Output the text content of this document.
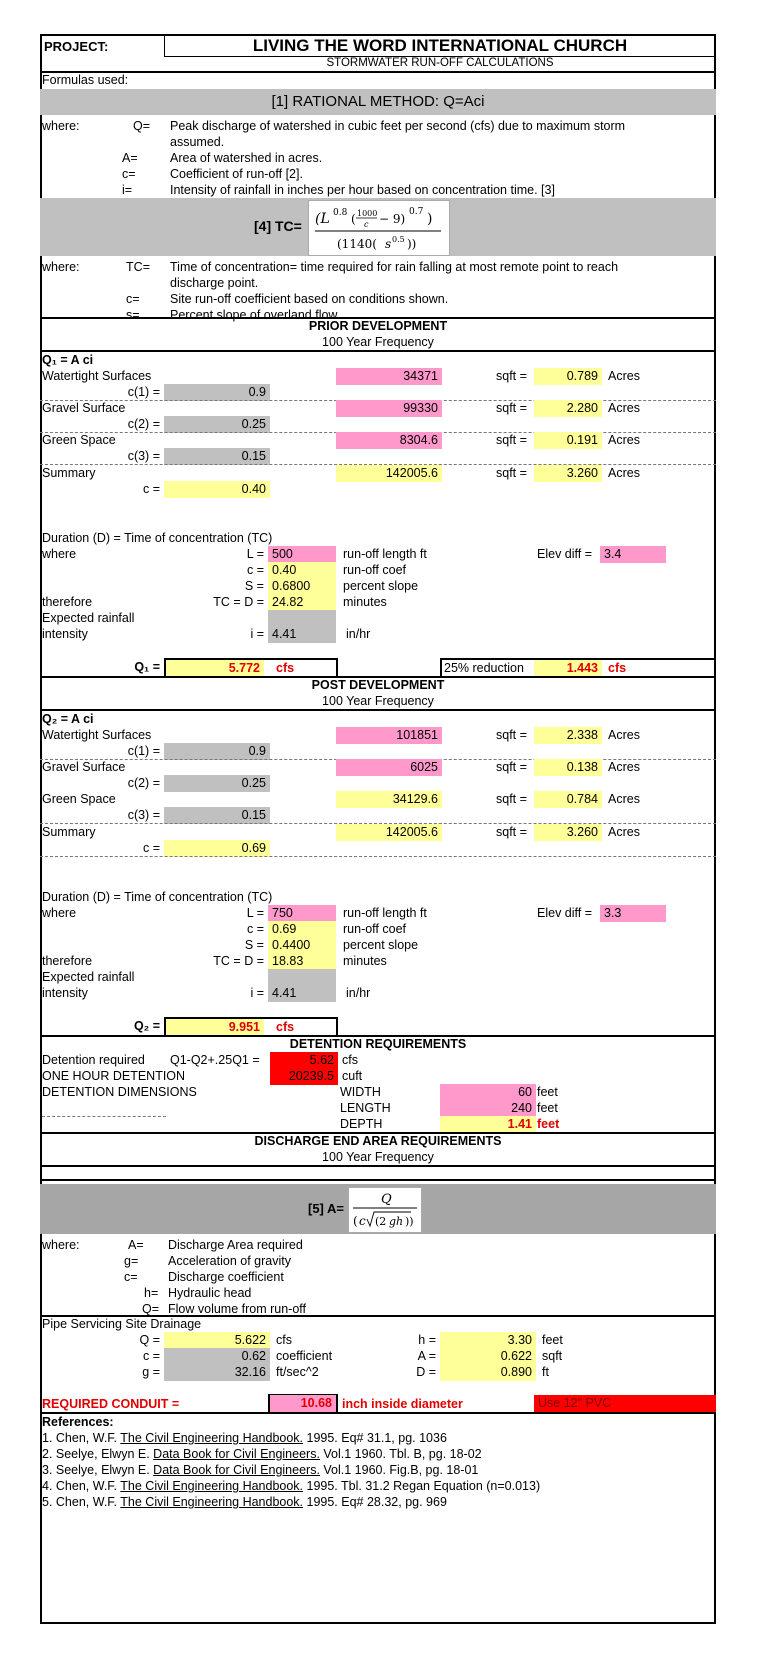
PROJECT:	LIVING THE WORD INTERNATIONAL CHURCH
STORMWATER RUN-OFF CALCULATIONS
Formulas used:
[1] RATIONAL METHOD: Q=Aci
where:	Q= Peak discharge of watershed in cubic feet per second (cfs) due to maximum storm
assumed.
A=	Area of watershed in acres.
c=	Coefficient of run-off [2].
i=	Intensity of rainfall in inches per hour based on concentration time. [3]
[4] TC= (L 0.8 ( 1000
c − 9) 0.7 )
(1140( s 0.5 ))
where:	TC= Time of concentration= time required for rain falling at most remote point to reach
discharge point.
c= Site run-off coefficient based on conditions shown.
s= Percent slope of overland flow.
PRIOR DEVELOPMENT
100 Year Frequency
Q₁ = A ci
Watertight Surfaces	34371	sqft =	0.789 Acres
c(1) =	0.9
Gravel Surface	99330	sqft =	2.280 Acres
c(2) =	0.25
Green Space	8304.6	sqft =	0.191 Acres
c(3) =	0.15
Summary	142005.6	sqft =	3.260 Acres
c =	0.40
Duration (D) = Time of concentration (TC)
where	L = 500	run-off length ft	Elev diff = 3.4
c = 0.40	run-off coef
S = 0.6800	percent slope
therefore	TC = D = 24.82	minutes
Expected rainfall
intensity	i = 4.41	in/hr
Q₁ =	5.772	cfs	25% reduction	1.443 cfs
POST DEVELOPMENT
100 Year Frequency
Q₂ = A ci
Watertight Surfaces	101851	sqft =	2.338 Acres
c(1) =	0.9
Gravel Surface	6025	sqft =	0.138 Acres
c(2) =	0.25
Green Space	34129.6	sqft =	0.784 Acres
c(3) =	0.15
Summary	142005.6	sqft =	3.260 Acres
c =	0.69
Duration (D) = Time of concentration (TC)
where	L = 750	run-off length ft	Elev diff = 3.3
c = 0.69	run-off coef
S = 0.4400	percent slope
therefore	TC = D = 18.83	minutes
Expected rainfall
intensity	i = 4.41	in/hr
Q₂ =	9.951	cfs
DETENTION REQUIREMENTS
Detention required Q1-Q2+.25Q1 =	5.62 cfs
ONE HOUR DETENTION	20239.5 cuft
DETENTION DIMENSIONS	WIDTH	60 feet
LENGTH	240 feet
DEPTH	1.41 feet
DISCHARGE END AREA REQUIREMENTS
100 Year Frequency
[5] A=
Q
( c (2 gh ))
where:	A= Discharge Area required
g= Acceleration of gravity
c= Discharge coefficient
h= Hydraulic head
Q= Flow volume from run-off
Pipe Servicing Site Drainage
Q =	5.622 cfs	h =	3.30 feet
c =	0.62 coefficient	A =	0.622 sqft
g =	32.16 ft/sec^2	D =	0.890 ft
REQUIRED CONDUIT =	10.68 inch inside diameter	Use 12" PVC
References:
1. Chen, W.F. The Civil Engineering Handbook. 1995. Eq# 31.1, pg. 1036
2. Seelye, Elwyn E. Data Book for Civil Engineers. Vol.1 1960. Tbl. B, pg. 18-02
3. Seelye, Elwyn E. Data Book for Civil Engineers. Vol.1 1960. Fig.B, pg. 18-01
4. Chen, W.F. The Civil Engineering Handbook. 1995. Tbl. 31.2 Regan Equation (n=0.013)
5. Chen, W.F. The Civil Engineering Handbook. 1995. Eq# 28.32, pg. 969
